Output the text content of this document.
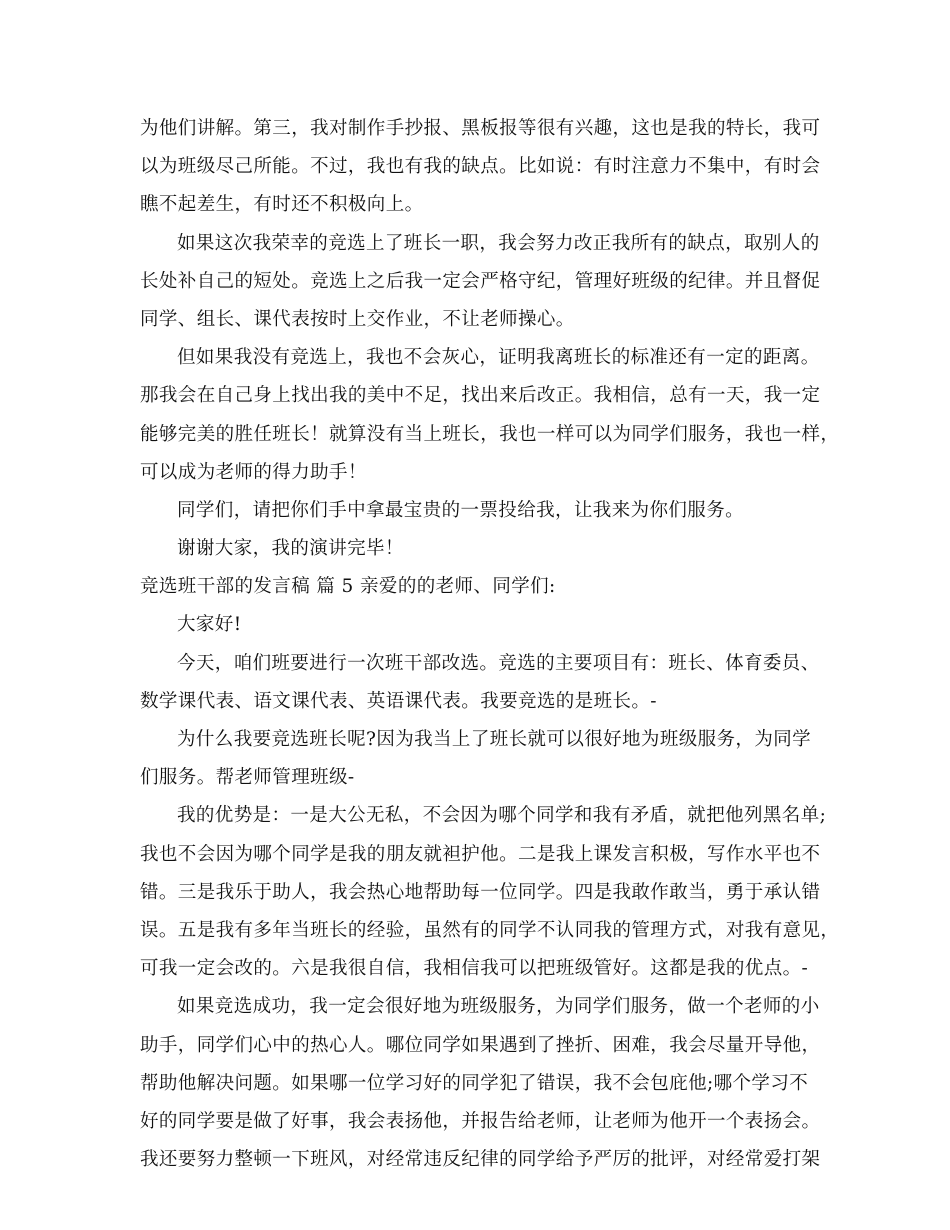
为他们讲解。第三，我对制作手抄报、黑板报等很有兴趣，这也是我的特长，我可
以为班级尽己所能。不过，我也有我的缺点。比如说：有时注意力不集中，有时会
瞧不起差生，有时还不积极向上。
如果这次我荣幸的竞选上了班长一职，我会努力改正我所有的缺点，取别人的
长处补自己的短处。竞选上之后我一定会严格守纪，管理好班级的纪律。并且督促
同学、组长、课代表按时上交作业，不让老师操心。
但如果我没有竞选上，我也不会灰心，证明我离班长的标准还有一定的距离。
那我会在自己身上找出我的美中不足，找出来后改正。我相信，总有一天，我一定
能够完美的胜任班长！就算没有当上班长，我也一样可以为同学们服务，我也一样，
可以成为老师的得力助手！
同学们，请把你们手中拿最宝贵的一票投给我，让我来为你们服务。
谢谢大家，我的演讲完毕！
竞选班干部的发言稿 篇 5 亲爱的的老师、同学们:
大家好!
今天，咱们班要进行一次班干部改选。竞选的主要项目有：班长、体育委员、
数学课代表、语文课代表、英语课代表。我要竞选的是班长。-
为什么我要竞选班长呢?因为我当上了班长就可以很好地为班级服务，为同学
们服务。帮老师管理班级-
我的优势是：一是大公无私，不会因为哪个同学和我有矛盾，就把他列黑名单;
我也不会因为哪个同学是我的朋友就袒护他。二是我上课发言积极，写作水平也不
错。三是我乐于助人，我会热心地帮助每一位同学。四是我敢作敢当，勇于承认错
误。五是我有多年当班长的经验，虽然有的同学不认同我的管理方式，对我有意见，
可我一定会改的。六是我很自信，我相信我可以把班级管好。这都是我的优点。-
如果竞选成功，我一定会很好地为班级服务，为同学们服务，做一个老师的小
助手，同学们心中的热心人。哪位同学如果遇到了挫折、困难，我会尽量开导他，
帮助他解决问题。如果哪一位学习好的同学犯了错误，我不会包庇他;哪个学习不
好的同学要是做了好事，我会表扬他，并报告给老师，让老师为他开一个表扬会。
我还要努力整顿一下班风，对经常违反纪律的同学给予严厉的批评，对经常爱打架
